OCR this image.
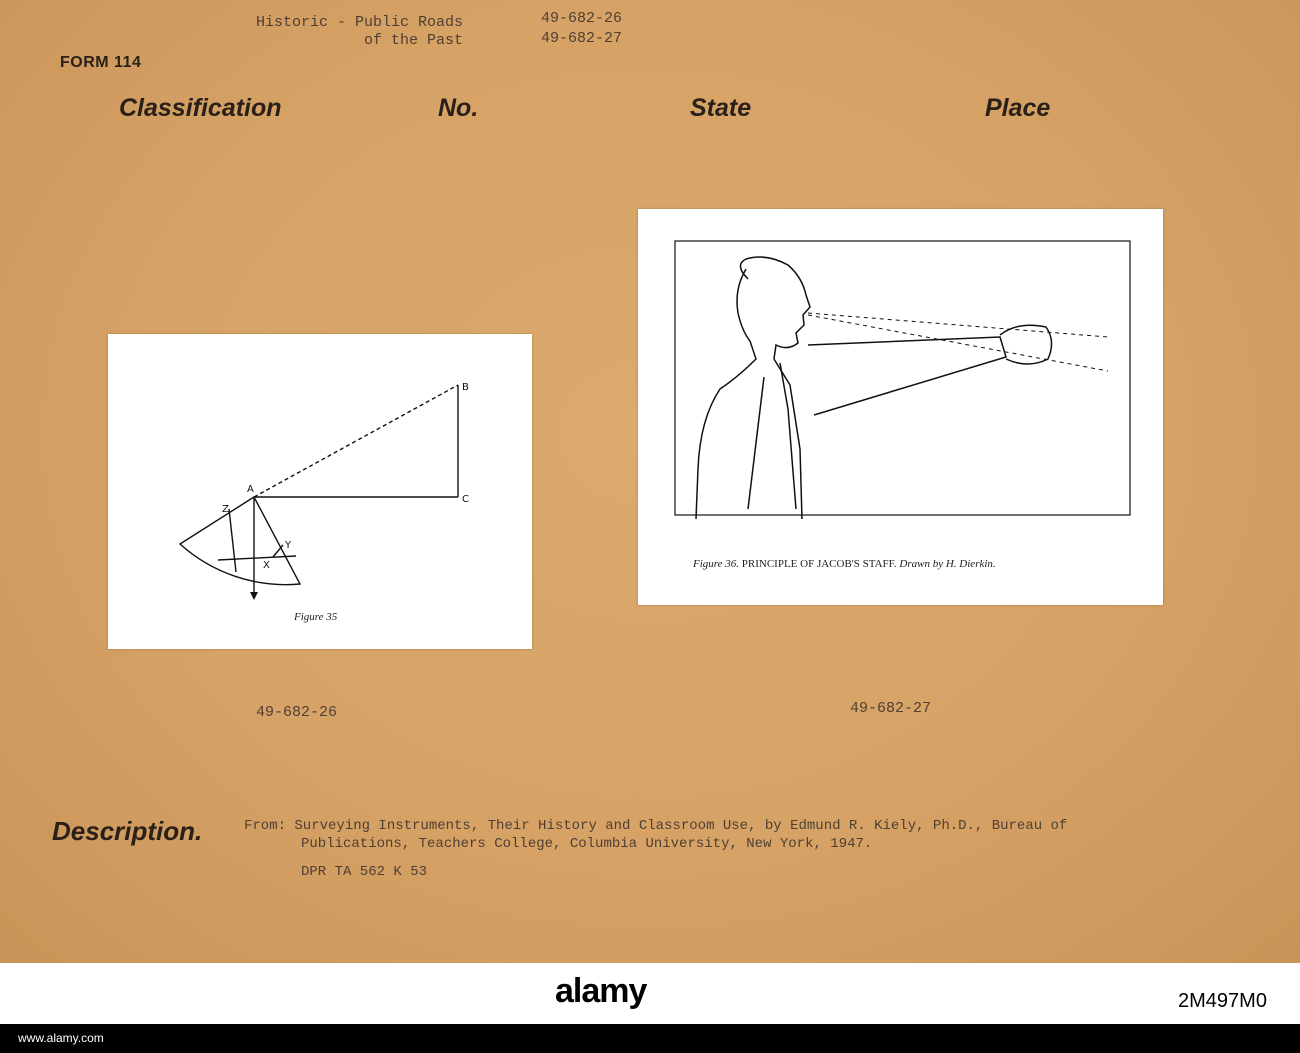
Historic - Public Roads
of the Past
49-682-26
49-682-27
FORM 114
Classification	No.	State	Place
A
B
C
X
Y
Z
Figure 35
Figure 36. PRINCIPLE OF JACOB'S STAFF. Drawn by H. Dierkin.
49-682-26	49-682-27
Description.	From: Surveying Instruments, Their History and Classroom Use, by Edmund R. Kiely, Ph.D., Bureau of
Publications, Teachers College, Columbia University, New York, 1947.
DPR TA 562 K 53
alamy	2M497M0
www.alamy.com
